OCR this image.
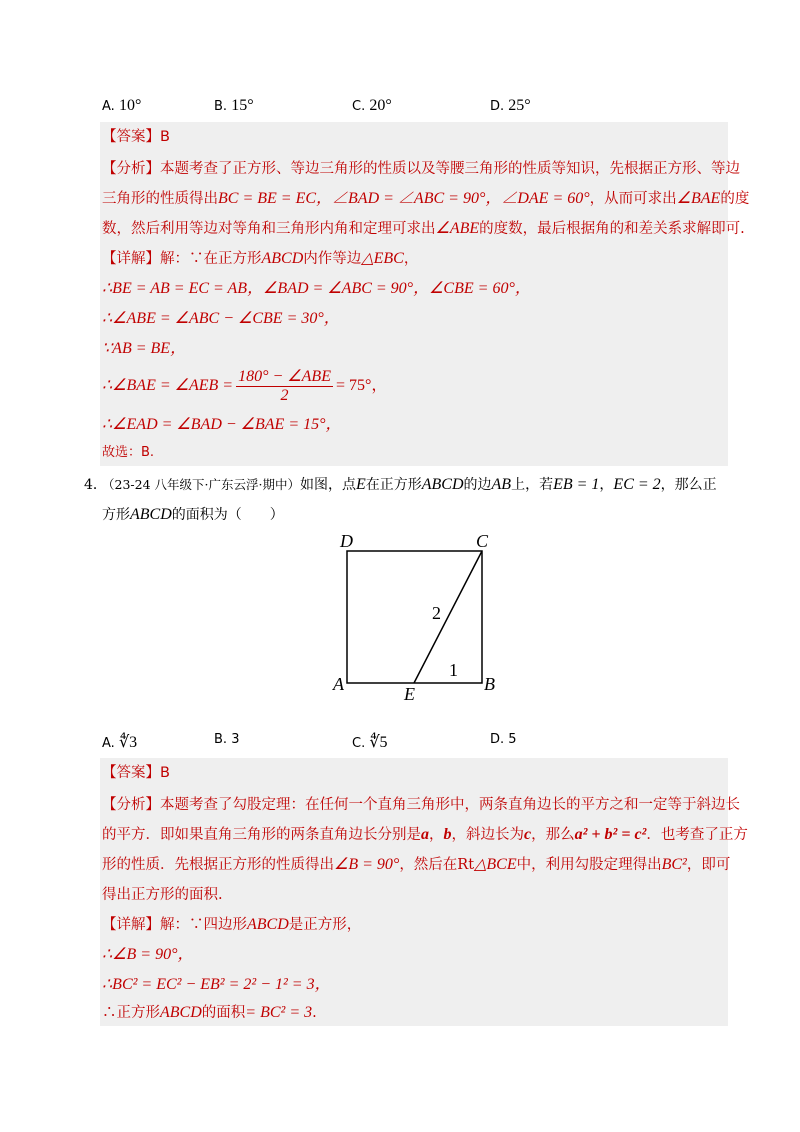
A. 10°	B. 15°	C. 20°	D. 25°
【答案】B
【分析】本题考查了正方形、等边三角形的性质以及等腰三角形的性质等知识，先根据正方形、等边
三角形的性质得出BC = BE = EC，∠BAD = ∠ABC = 90°，∠DAE = 60°，从而可求出∠BAE的度
数，然后利用等边对等角和三角形内角和定理可求出∠ABE的度数，最后根据角的和差关系求解即可.
【详解】解：∵在正方形ABCD内作等边△EBC，
∴BE = AB = EC = AB，∠BAD = ∠ABC = 90°，∠CBE = 60°，
∴∠ABE = ∠ABC − ∠CBE = 30°，
∵AB = BE，
∴∠BAE = ∠AEB = $\frac{\text{180° − ∠ABE}}{2} = 75^\circ$，
∴∠EAD = ∠BAD − ∠BAE = 15°，
故选：B.
4．（23-24 八年级下·广东云浮·期中）如图，点E在正方形ABCD的边AB上，若EB = 1，EC = 2，那么正
方形ABCD的面积为（　　）
D	C
A	B
E
2
1
A. ∜3	B. 3	C. ∜5	D. 5
【答案】B
【分析】本题考查了勾股定理：在任何一个直角三角形中，两条直角边长的平方之和一定等于斜边长
的平方．即如果直角三角形的两条直角边长分别是a，b，斜边长为c，那么a² + b² = c²．也考查了正方
形的性质．先根据正方形的性质得出∠B = 90°，然后在Rt△BCE中，利用勾股定理得出BC²，即可
得出正方形的面积.
【详解】解：∵四边形ABCD是正方形，
∴∠B = 90°，
∴BC² = EC² − EB² = 2² − 1² = 3，
∴正方形ABCD的面积= BC² = 3.
